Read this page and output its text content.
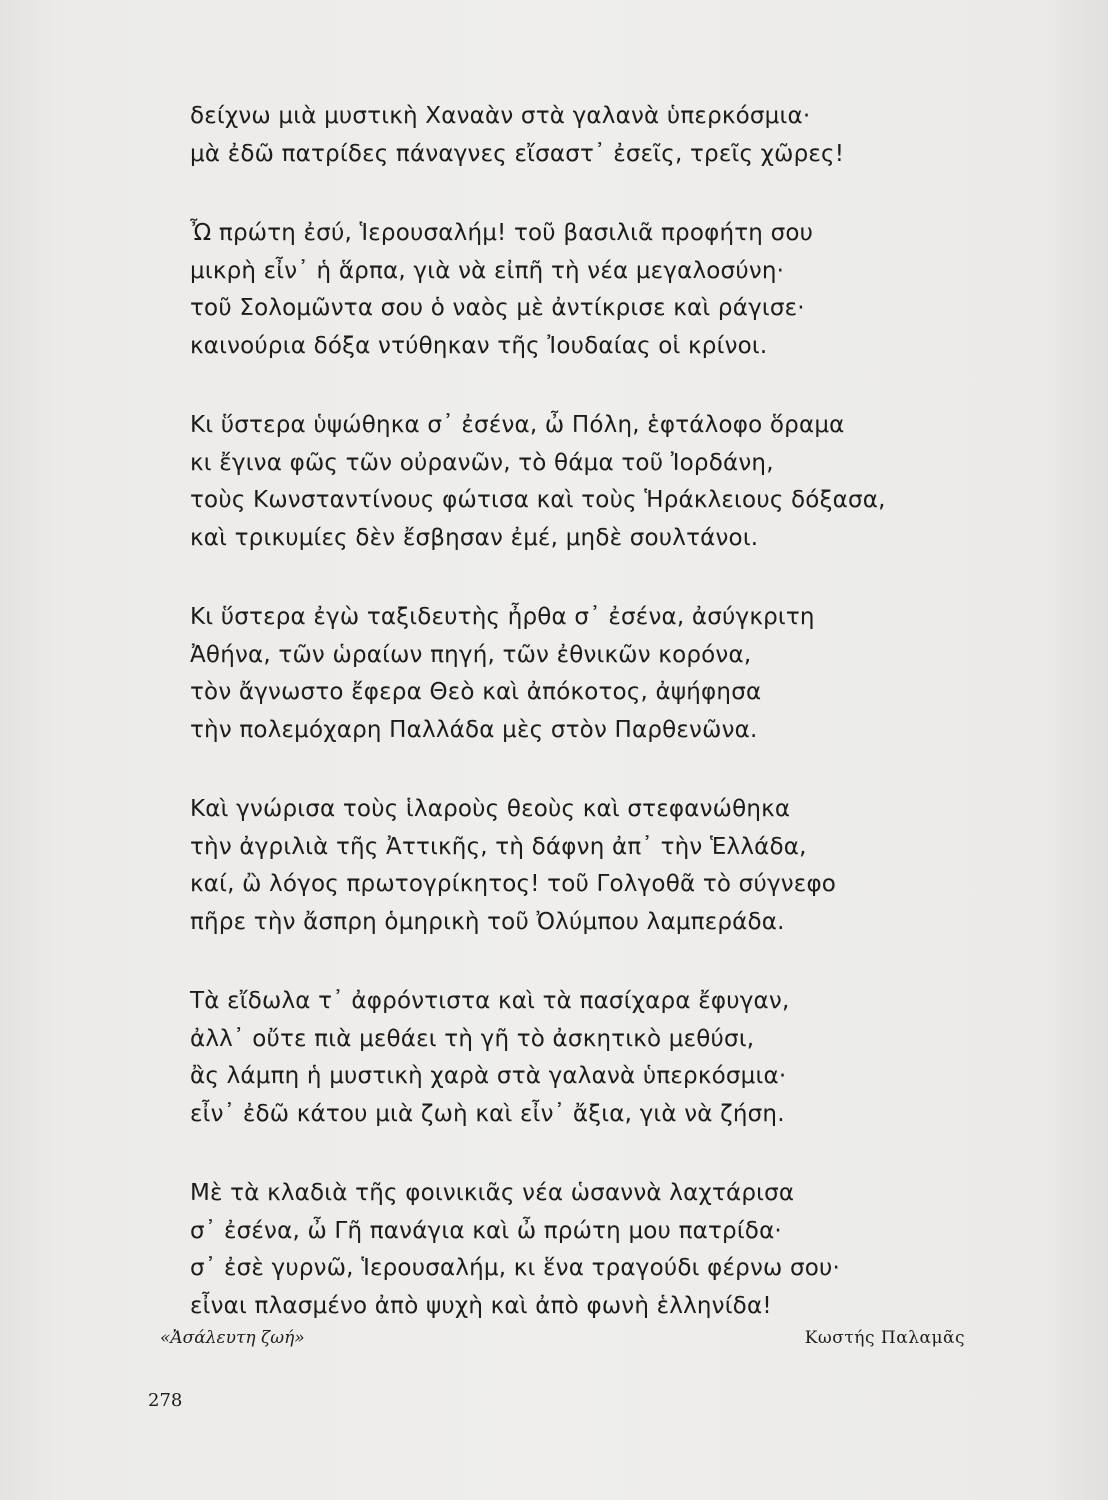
δείχνω μιὰ μυστικὴ Χαναὰν στὰ γαλανὰ ὑπερκόσμια·
μὰ ἐδῶ πατρίδες πάναγνες εἴσαστ᾿ ἐσεῖς, τρεῖς χῶρες!
Ὦ πρώτη ἐσύ, Ἱερουσαλήμ! τοῦ βασιλιᾶ προφήτη σου
μικρὴ εἶν᾿ ἡ ἅρπα, γιὰ νὰ εἰπῆ τὴ νέα μεγαλοσύνη·
τοῦ Σολομῶντα σου ὁ ναὸς μὲ ἀντίκρισε καὶ ράγισε·
καινούρια δόξα ντύθηκαν τῆς Ἰουδαίας οἱ κρίνοι.
Κι ὕστερα ὑψώθηκα σ᾿ ἐσένα, ὦ Πόλη, ἑφτάλοφο ὅραμα
κι ἔγινα φῶς τῶν οὐρανῶν, τὸ θάμα τοῦ Ἰορδάνη,
τοὺς Κωνσταντίνους φώτισα καὶ τοὺς Ἡράκλειους δόξασα,
καὶ τρικυμίες δὲν ἔσβησαν ἐμέ, μηδὲ σουλτάνοι.
Κι ὕστερα ἐγὼ ταξιδευτὴς ἦρθα σ᾿ ἐσένα, ἀσύγκριτη
Ἀθήνα, τῶν ὡραίων πηγή, τῶν ἐθνικῶν κορόνα,
τὸν ἄγνωστο ἔφερα Θεὸ καὶ ἀπόκοτος, ἀψήφησα
τὴν πολεμόχαρη Παλλάδα μὲς στὸν Παρθενῶνα.
Καὶ γνώρισα τοὺς ἱλαροὺς θεοὺς καὶ στεφανώθηκα
τὴν ἀγριλιὰ τῆς Ἀττικῆς, τὴ δάφνη ἀπ᾿ τὴν Ἑλλάδα,
καί, ὢ λόγος πρωτογρίκητος! τοῦ Γολγοθᾶ τὸ σύγνεφο
πῆρε τὴν ἄσπρη ὁμηρικὴ τοῦ Ὀλύμπου λαμπεράδα.
Τὰ εἴδωλα τ᾿ ἀφρόντιστα καὶ τὰ πασίχαρα ἔφυγαν,
ἀλλ᾿ οὔτε πιὰ μεθάει τὴ γῆ τὸ ἀσκητικὸ μεθύσι,
ἂς λάμπη ἡ μυστικὴ χαρὰ στὰ γαλανὰ ὑπερκόσμια·
εἶν᾿ ἐδῶ κάτου μιὰ ζωὴ καὶ εἶν᾿ ἄξια, γιὰ νὰ ζήση.
Μὲ τὰ κλαδιὰ τῆς φοινικιᾶς νέα ὡσαννὰ λαχτάρισα
σ᾿ ἐσένα, ὦ Γῆ πανάγια καὶ ὦ πρώτη μου πατρίδα·
σ᾿ ἐσὲ γυρνῶ, Ἱερουσαλήμ, κι ἕνα τραγούδι φέρνω σου·
εἶναι πλασμένο ἀπὸ ψυχὴ καὶ ἀπὸ φωνὴ ἑλληνίδα!
«Ἀσάλευτη ζωή»	Κωστής Παλαμᾶς
278
